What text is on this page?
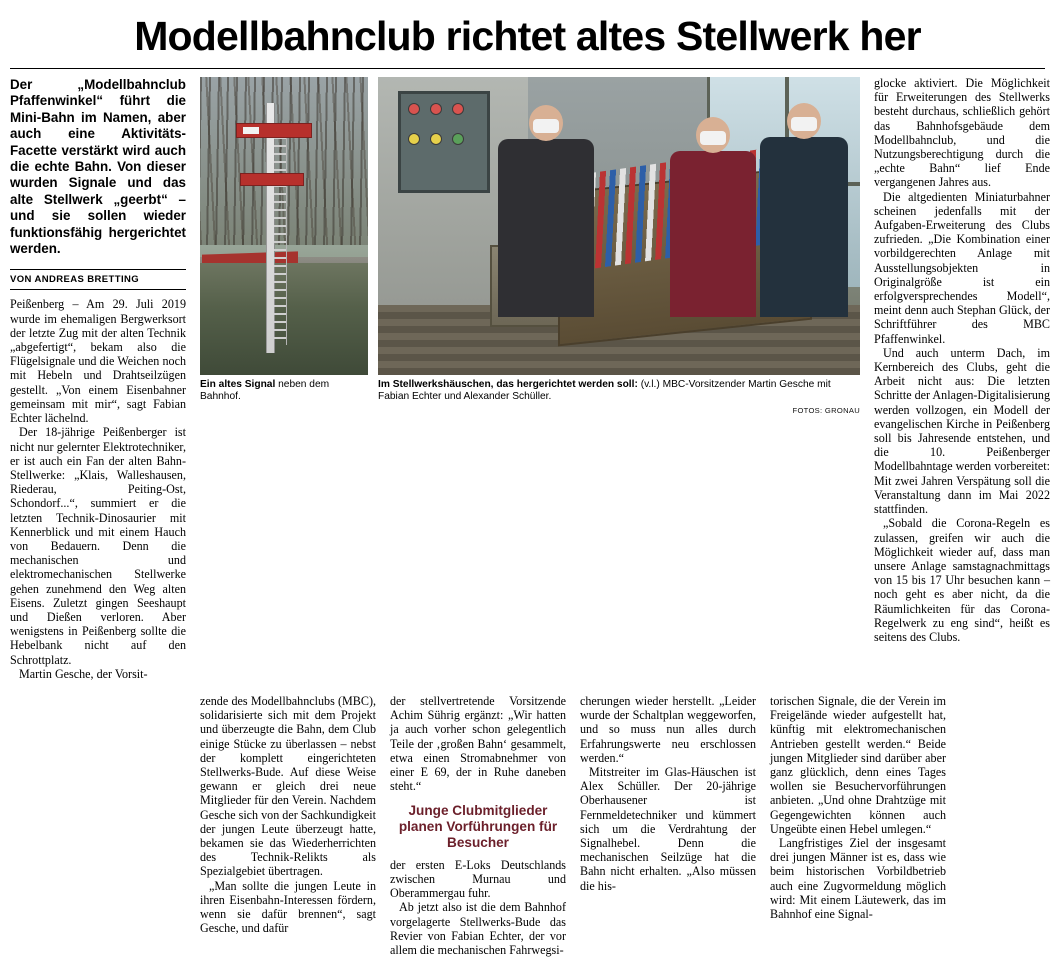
Modellbahnclub richtet altes Stellwerk her
Der „Modellbahnclub Pfaffenwinkel“ führt die Mini-Bahn im Namen, aber auch eine Aktivitäts-Facette verstärkt wird auch die echte Bahn. Von dieser wurden Signale und das alte Stellwerk „geerbt“ – und sie sollen wieder funktionsfähig hergerichtet werden.
VON ANDREAS BRETTING

Peißenberg – Am 29. Juli 2019 wurde im ehemaligen Bergwerksort der letzte Zug mit der alten Technik „abgefertigt“, bekam also die Flügelsignale und die Weichen noch mit Hebeln und Drahtseilzügen gestellt. „Von einem Eisenbahner gemeinsam mit mir“, sagt Fabian Echter lächelnd.

Der 18-jährige Peißenberger ist nicht nur gelernter Elektrotechniker, er ist auch ein Fan der alten Bahn-Stellwerke: „Klais, Walleshausen, Riederau, Peiting-Ost, Schondorf...“, summiert er die letzten Technik-Dinosaurier mit Kennerblick und mit einem Hauch von Bedauern. Denn die mechanischen und elektromechanischen Stellwerke gehen zunehmend den Weg alten Eisens. Zuletzt gingen Seeshaupt und Dießen verloren. Aber wenigstens in Peißenberg sollte die Hebelbank nicht auf den Schrottplatz.

Martin Gesche, der Vorsit-

Ein altes Signal neben dem Bahnhof.
Im Stellwerkshäuschen, das hergerichtet werden soll: (v.l.) MBC-Vorsitzender Martin Gesche mit Fabian Echter und Alexander Schüller.
FOTOS: GRONAU

glocke aktiviert. Die Möglichkeit für Erweiterungen des Stellwerks besteht durchaus, schließlich gehört das Bahnhofsgebäude dem Modellbahnclub, und die Nutzungsberechtigung durch die „echte Bahn“ lief Ende vergangenen Jahres aus.

Die altgedienten Miniaturbahner scheinen jedenfalls mit der Aufgaben-Erweiterung des Clubs zufrieden. „Die Kombination einer vorbildgerechten Anlage mit Ausstellungsobjekten in Originalgröße ist ein erfolgversprechendes Modell“, meint denn auch Stephan Glück, der Schriftführer des MBC Pfaffenwinkel.

Und auch unterm Dach, im Kernbereich des Clubs, geht die Arbeit nicht aus: Die letzten Schritte der Anlagen-Digitalisierung werden vollzogen, ein Modell der evangelischen Kirche in Peißenberg soll bis Jahresende entstehen, und die 10. Peißenberger Modellbahntage werden vorbereitet: Mit zwei Jahren Verspätung soll die Veranstaltung dann im Mai 2022 stattfinden.

„Sobald die Corona-Regeln es zulassen, greifen wir auch die Möglichkeit wieder auf, dass man unsere Anlage samstagnachmittags von 15 bis 17 Uhr besuchen kann – noch geht es aber nicht, da die Räumlichkeiten für das Corona-Regelwerk zu eng sind“, heißt es seitens des Clubs.

zende des Modellbahnclubs (MBC), solidarisierte sich mit dem Projekt und überzeugte die Bahn, dem Club einige Stücke zu überlassen – nebst der komplett eingerichteten Stellwerks-Bude. Auf diese Weise gewann er gleich drei neue Mitglieder für den Verein. Nachdem Gesche sich von der Sachkundigkeit der jungen Leute überzeugt hatte, bekamen sie das Wiederherrichten des Technik-Relikts als Spezialgebiet übertragen.

„Man sollte die jungen Leute in ihren Eisenbahn-Interessen fördern, wenn sie dafür brennen“, sagt Gesche, und dafür

der stellvertretende Vorsitzende Achim Sührig ergänzt: „Wir hatten ja auch vorher schon gelegentlich Teile der ‚großen Bahn‘ gesammelt, etwa einen Stromabnehmer von einer E 69, der in Ruhe daneben steht.“

Junge Clubmitglieder planen Vorführungen für Besucher

der ersten E-Loks Deutschlands zwischen Murnau und Oberammergau fuhr.

Ab jetzt also ist die dem Bahnhof vorgelagerte Stellwerks-Bude das Revier von Fabian Echter, der vor allem die mechanischen Fahrwegsi-

cherungen wieder herstellt. „Leider wurde der Schaltplan weggeworfen, und so muss nun alles durch Erfahrungswerte neu erschlossen werden.“

Mitstreiter im Glas-Häuschen ist Alex Schüller. Der 20-jährige Oberhausener ist Fernmeldetechniker und kümmert sich um die Verdrahtung der Signalhebel. Denn die mechanischen Seilzüge hat die Bahn nicht erhalten. „Also müssen die his-

torischen Signale, die der Verein im Freigelände wieder aufgestellt hat, künftig mit elektromechanischen Antrieben gestellt werden.“ Beide jungen Mitglieder sind darüber aber ganz glücklich, denn eines Tages wollen sie Besuchervorführungen anbieten. „Und ohne Drahtzüge mit Gegengewichten können auch Ungeübte einen Hebel umlegen.“

Langfristiges Ziel der insgesamt drei jungen Männer ist es, dass wie beim historischen Vorbildbetrieb auch eine Zugvormeldung möglich wird: Mit einem Läutewerk, das im Bahnhof eine Signal-
